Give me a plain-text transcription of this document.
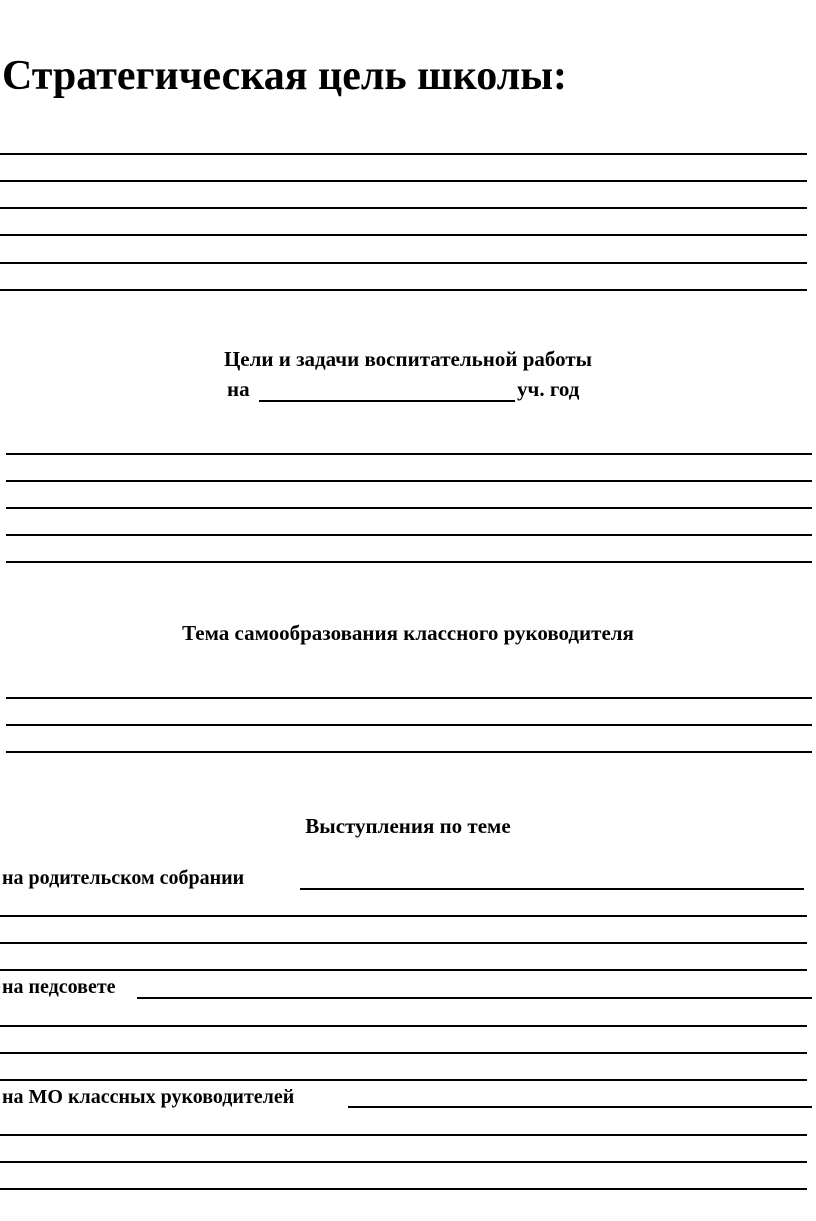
Стратегическая цель школы:
Цели и задачи воспитательной работы
на	уч. год
Тема самообразования классного руководителя
Выступления по теме
на родительском собрании
на педсовете
на МО классных руководителей
